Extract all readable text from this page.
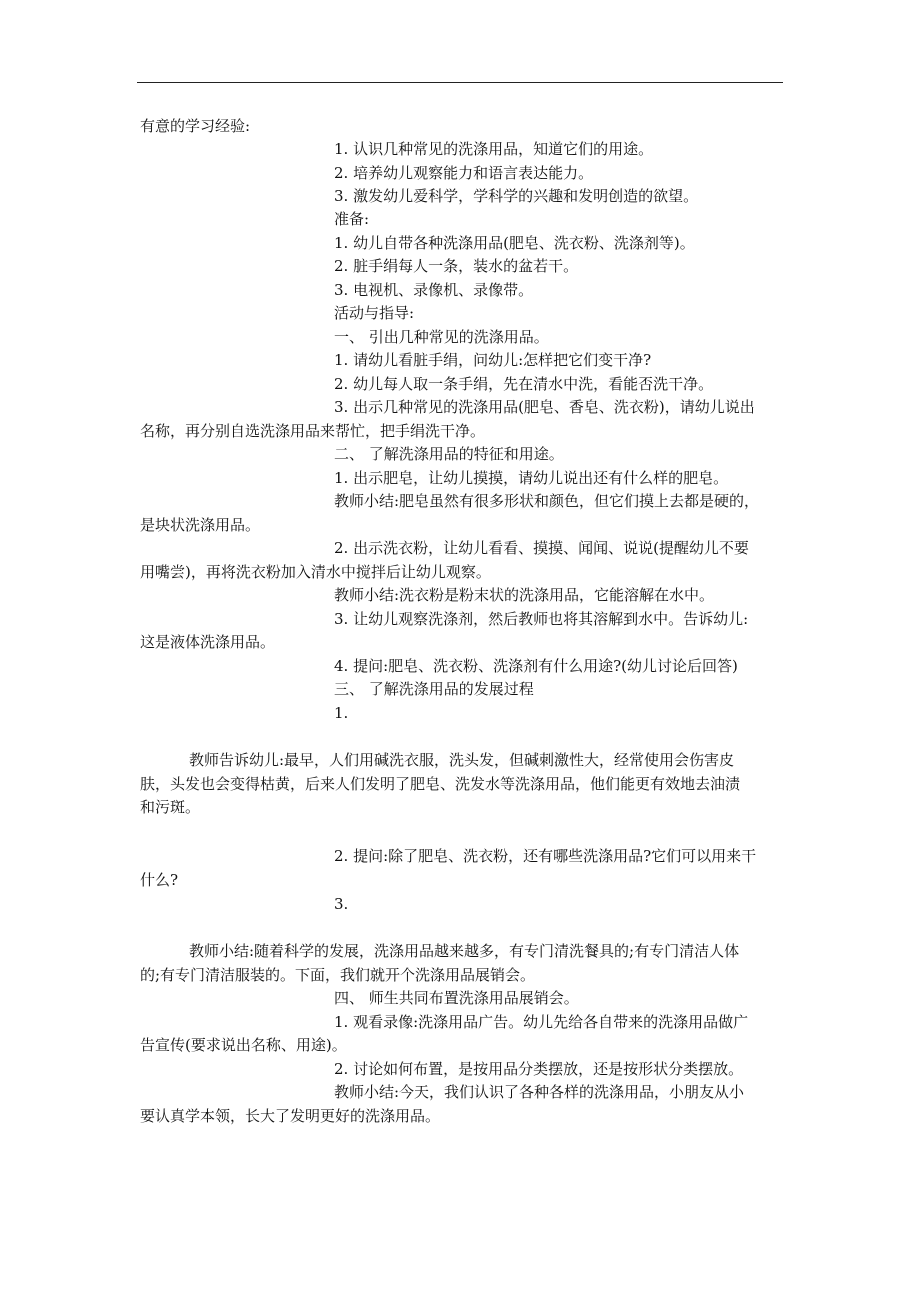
有意的学习经验:
1. 认识几种常见的洗涤用品，知道它们的用途。
2. 培养幼儿观察能力和语言表达能力。
3. 激发幼儿爱科学，学科学的兴趣和发明创造的欲望。
准备:
1. 幼儿自带各种洗涤用品(肥皂、洗衣粉、洗涤剂等)。
2. 脏手绢每人一条，装水的盆若干。
3. 电视机、录像机、录像带。
活动与指导:
一、 引出几种常见的洗涤用品。
1. 请幼儿看脏手绢，问幼儿:怎样把它们变干净?
2. 幼儿每人取一条手绢，先在清水中洗，看能否洗干净。
3. 出示几种常见的洗涤用品(肥皂、香皂、洗衣粉)，请幼儿说出
名称，再分别自选洗涤用品来帮忙，把手绢洗干净。
二、 了解洗涤用品的特征和用途。
1. 出示肥皂，让幼儿摸摸，请幼儿说出还有什么样的肥皂。
教师小结:肥皂虽然有很多形状和颜色，但它们摸上去都是硬的，
是块状洗涤用品。
2. 出示洗衣粉，让幼儿看看、摸摸、闻闻、说说(提醒幼儿不要
用嘴尝)，再将洗衣粉加入清水中搅拌后让幼儿观察。
教师小结:洗衣粉是粉末状的洗涤用品，它能溶解在水中。
3. 让幼儿观察洗涤剂，然后教师也将其溶解到水中。告诉幼儿:
这是液体洗涤用品。
4. 提问:肥皂、洗衣粉、洗涤剂有什么用途?(幼儿讨论后回答)
三、 了解洗涤用品的发展过程
1.
教师告诉幼儿:最早，人们用碱洗衣服，洗头发，但碱刺激性大，经常使用会伤害皮
肤，头发也会变得枯黄，后来人们发明了肥皂、洗发水等洗涤用品，他们能更有效地去油渍
和污斑。
2. 提问:除了肥皂、洗衣粉，还有哪些洗涤用品?它们可以用来干
什么?
3.
教师小结:随着科学的发展，洗涤用品越来越多，有专门清洗餐具的;有专门清洁人体
的;有专门清洁服装的。下面，我们就开个洗涤用品展销会。
四、 师生共同布置洗涤用品展销会。
1. 观看录像:洗涤用品广告。幼儿先给各自带来的洗涤用品做广
告宣传(要求说出名称、用途)。
2. 讨论如何布置，是按用品分类摆放，还是按形状分类摆放。
教师小结:今天，我们认识了各种各样的洗涤用品，小朋友从小
要认真学本领，长大了发明更好的洗涤用品。
